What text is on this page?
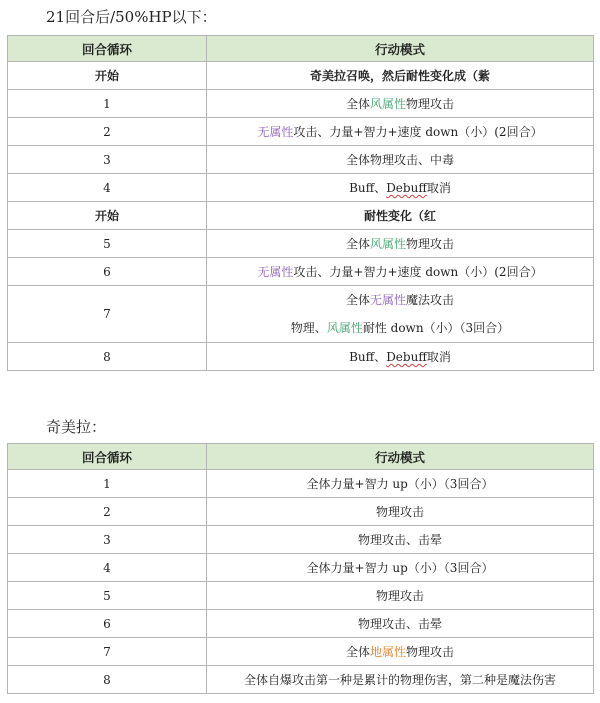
21回合后/50%HP以下：
回合循环	行动模式
开始	奇美拉召唤，然后耐性变化成（紫
1	全体风属性物理攻击
2	无属性攻击、力量+智力+速度 down（小）(2回合）
3	全体物理攻击、中毒
4	Buff、Debuff取消
开始	耐性变化（红
5	全体风属性物理攻击
6	无属性攻击、力量+智力+速度 down（小）(2回合）
7	全体无属性魔法攻击
物理、风属性耐性 down（小）（3回合）

8	Buff、Debuff取消
奇美拉：
回合循环	行动模式
1	全体力量+智力 up（小）（3回合）
2	物理攻击
3	物理攻击、击晕
4	全体力量+智力 up（小）（3回合）
5	物理攻击
6	物理攻击、击晕
7	全体地属性物理攻击
8	全体自爆攻击第一种是累计的物理伤害，第二种是魔法伤害
